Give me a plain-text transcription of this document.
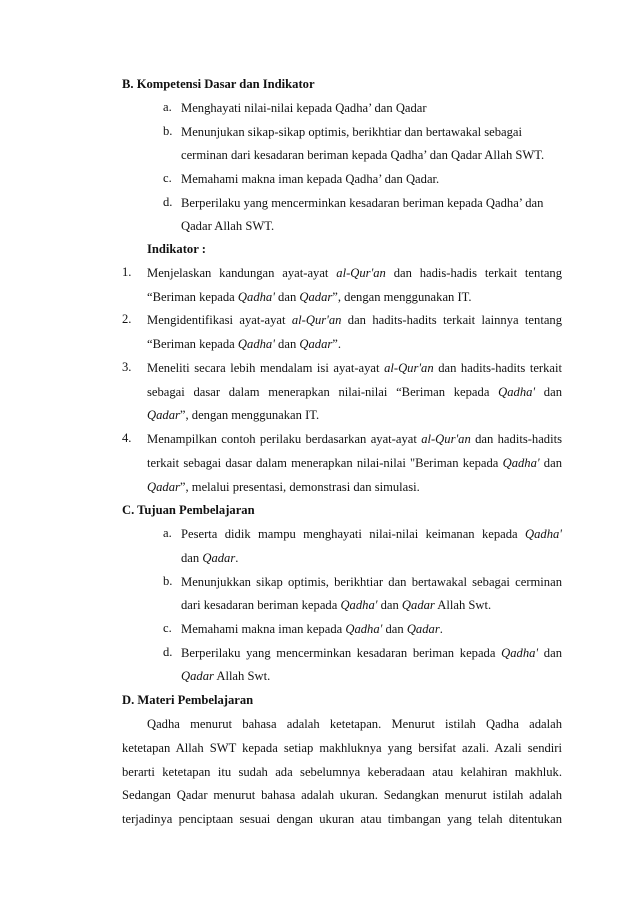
B. Kompetensi Dasar dan Indikator
a. Menghayati nilai-nilai kepada Qadha’ dan Qadar
b. Menunjukan sikap-sikap optimis, berikhtiar dan bertawakal sebagai
cerminan dari kesadaran beriman kepada Qadha’ dan Qadar Allah SWT.
c. Memahami makna iman kepada Qadha’ dan Qadar.
d. Berperilaku yang mencerminkan kesadaran beriman kepada Qadha’ dan
Qadar Allah SWT.
Indikator :
1. Menjelaskan kandungan ayat-ayat al-Qur'an dan hadis-hadis terkait tentang
“Beriman kepada Qadha' dan Qadar”, dengan menggunakan IT.
2. Mengidentifikasi ayat-ayat al-Qur'an dan hadits-hadits terkait lainnya tentang
“Beriman kepada Qadha' dan Qadar”.
3. Meneliti secara lebih mendalam isi ayat-ayat al-Qur'an dan hadits-hadits terkait
sebagai dasar dalam menerapkan nilai-nilai “Beriman kepada Qadha' dan
Qadar”, dengan menggunakan IT.
4. Menampilkan contoh perilaku berdasarkan ayat-ayat al-Qur'an dan hadits-hadits
terkait sebagai dasar dalam menerapkan nilai-nilai "Beriman kepada Qadha' dan
Qadar”, melalui presentasi, demonstrasi dan simulasi.
C. Tujuan Pembelajaran
a. Peserta didik mampu menghayati nilai-nilai keimanan kepada Qadha'
dan Qadar.
b. Menunjukkan sikap optimis, berikhtiar dan bertawakal sebagai cerminan
dari kesadaran beriman kepada Qadha' dan Qadar Allah Swt.
c. Memahami makna iman kepada Qadha' dan Qadar.
d. Berperilaku yang mencerminkan kesadaran beriman kepada Qadha' dan
Qadar Allah Swt.
D. Materi Pembelajaran
Qadha menurut bahasa adalah ketetapan. Menurut istilah Qadha adalah
ketetapan Allah SWT kepada setiap makhluknya yang bersifat azali. Azali sendiri
berarti ketetapan itu sudah ada sebelumnya keberadaan atau kelahiran makhluk.
Sedangan Qadar menurut bahasa adalah ukuran. Sedangkan menurut istilah adalah
terjadinya penciptaan sesuai dengan ukuran atau timbangan yang telah ditentukan
